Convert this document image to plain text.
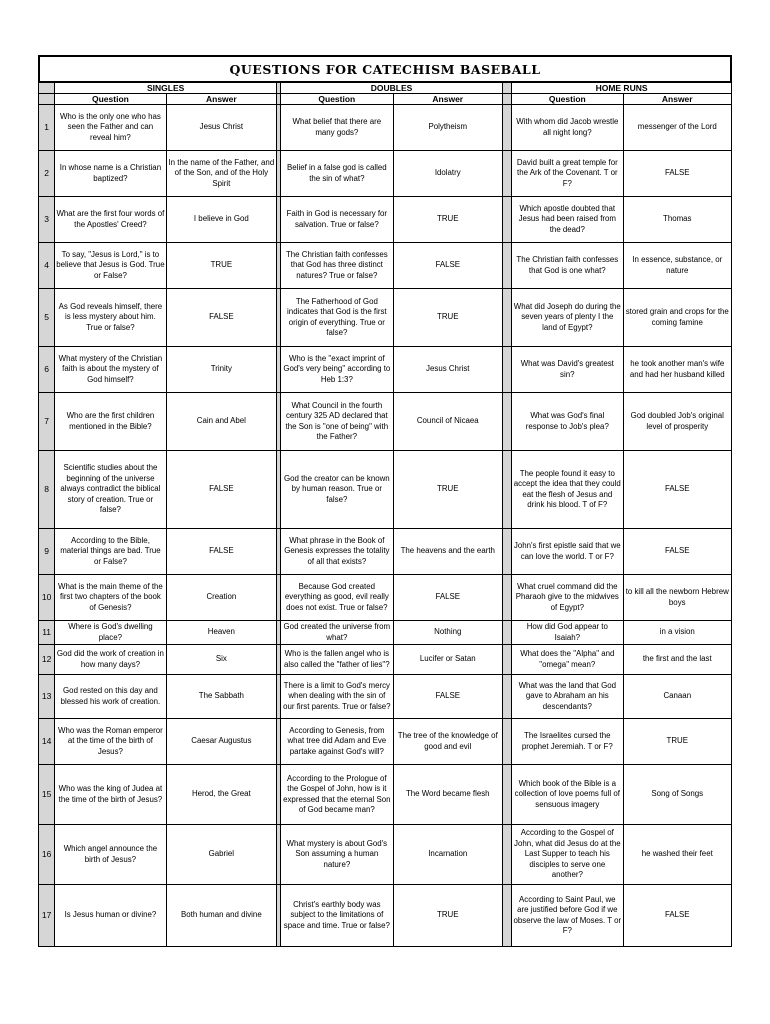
QUESTIONS FOR CATECHISM BASEBALL
	SINGLES			DOUBLES			HOME RUNS	
	Question	Answer		Question	Answer		Question	Answer
1	Who is the only one who has seen the Father and can reveal him?	Jesus Christ		What belief that there are many gods?	Polytheism		With whom did Jacob wrestle all night long?	messenger of the Lord
2	In whose name is a Christian baptized?	In the name of the Father, and of the Son, and of the Holy Spirit		Belief in a false god is called the sin of what?	Idolatry		David built a great temple for the Ark of the Covenant. T or F?	FALSE
3	What are the first four words of the Apostles' Creed?	I believe in God		Faith in God is necessary for salvation. True or false?	TRUE		Which apostle doubted that Jesus had been raised from the dead?	Thomas
4	To say, "Jesus is Lord," is to believe that Jesus is God. True or False?	TRUE		The Christian faith confesses that God has three distinct natures? True or false?	FALSE		The Christian faith confesses that God is one what?	In essence, substance, or nature
5	As God reveals himself, there is less mystery about him. True or false?	FALSE		The Fatherhood of God indicates that God is the first origin of everything. True or false?	TRUE		What did Joseph do during the seven years of plenty I the land of Egypt?	stored grain and crops for the coming famine
6	What mystery of the Christian faith is about the mystery of God himself?	Trinity		Who is the "exact imprint of God's very being" according to Heb 1:3?	Jesus Christ		What was David's greatest sin?	he took another man's wife and had her husband killed
7	Who are the first children mentioned in the Bible?	Cain and Abel		What Council in the fourth century 325 AD declared that the Son is "one of being" with the Father?	Council of Nicaea		What was God's final response to Job's plea?	God doubled Job's original level of prosperity
8	Scientific studies about the beginning of the universe always contradict the biblical story of creation. True or false?	FALSE		God the creator can be known by human reason. True or false?	TRUE		The people found it easy to accept the idea that they could eat the flesh of Jesus and drink his blood. T of F?	FALSE
9	According to the Bible, material things are bad. True or False?	FALSE		What phrase in the Book of Genesis expresses the totality of all that exists?	The heavens and the earth		John's first epistle said that we can love the world. T or F?	FALSE
10	What is the main theme of the first two chapters of the book of Genesis?	Creation		Because God created everything as good, evil really does not exist. True or false?	FALSE		What cruel command did the Pharaoh give to the midwives of Egypt?	to kill all the newborn Hebrew boys
11	Where is God's dwelling place?	Heaven		God created the universe from what?	Nothing		How did God appear to Isaiah?	in a vision
12	God did the work of creation in how many days?	Six		Who is the fallen angel who is also called the "father of lies"?	Lucifer or Satan		What does the "Alpha" and "omega" mean?	the first and the last
13	God rested on this day and blessed his work of creation.	The Sabbath		There is a limit to God's mercy when dealing with the sin of our first parents. True or false?	FALSE		What was the land that God gave to Abraham an his descendants?	Canaan
14	Who was the Roman emperor at the time of the birth of Jesus?	Caesar Augustus		According to Genesis, from what tree did Adam and Eve partake against God's will?	The tree of the knowledge of good and evil		The Israelites cursed the prophet Jeremiah. T or F?	TRUE
15	Who was the king of Judea at the time of the birth of Jesus?	Herod, the Great		According to the Prologue of the Gospel of John, how is it expressed that the eternal Son of God became man?	The Word became flesh		Which book of the Bible is a collection of love poems full of sensuous imagery	Song of Songs
16	Which angel announce the birth of Jesus?	Gabriel		What mystery is about God's Son assuming a human nature?	Incarnation		According to the Gospel of John, what did Jesus do at the Last Supper to teach his disciples to serve one another?	he washed their feet
17	Is Jesus human or divine?	Both human and divine		Christ's earthly body was subject to the limitations of space and time. True or false?	TRUE		According to Saint Paul, we are justified before God if we observe the law of Moses. T or F?	FALSE
